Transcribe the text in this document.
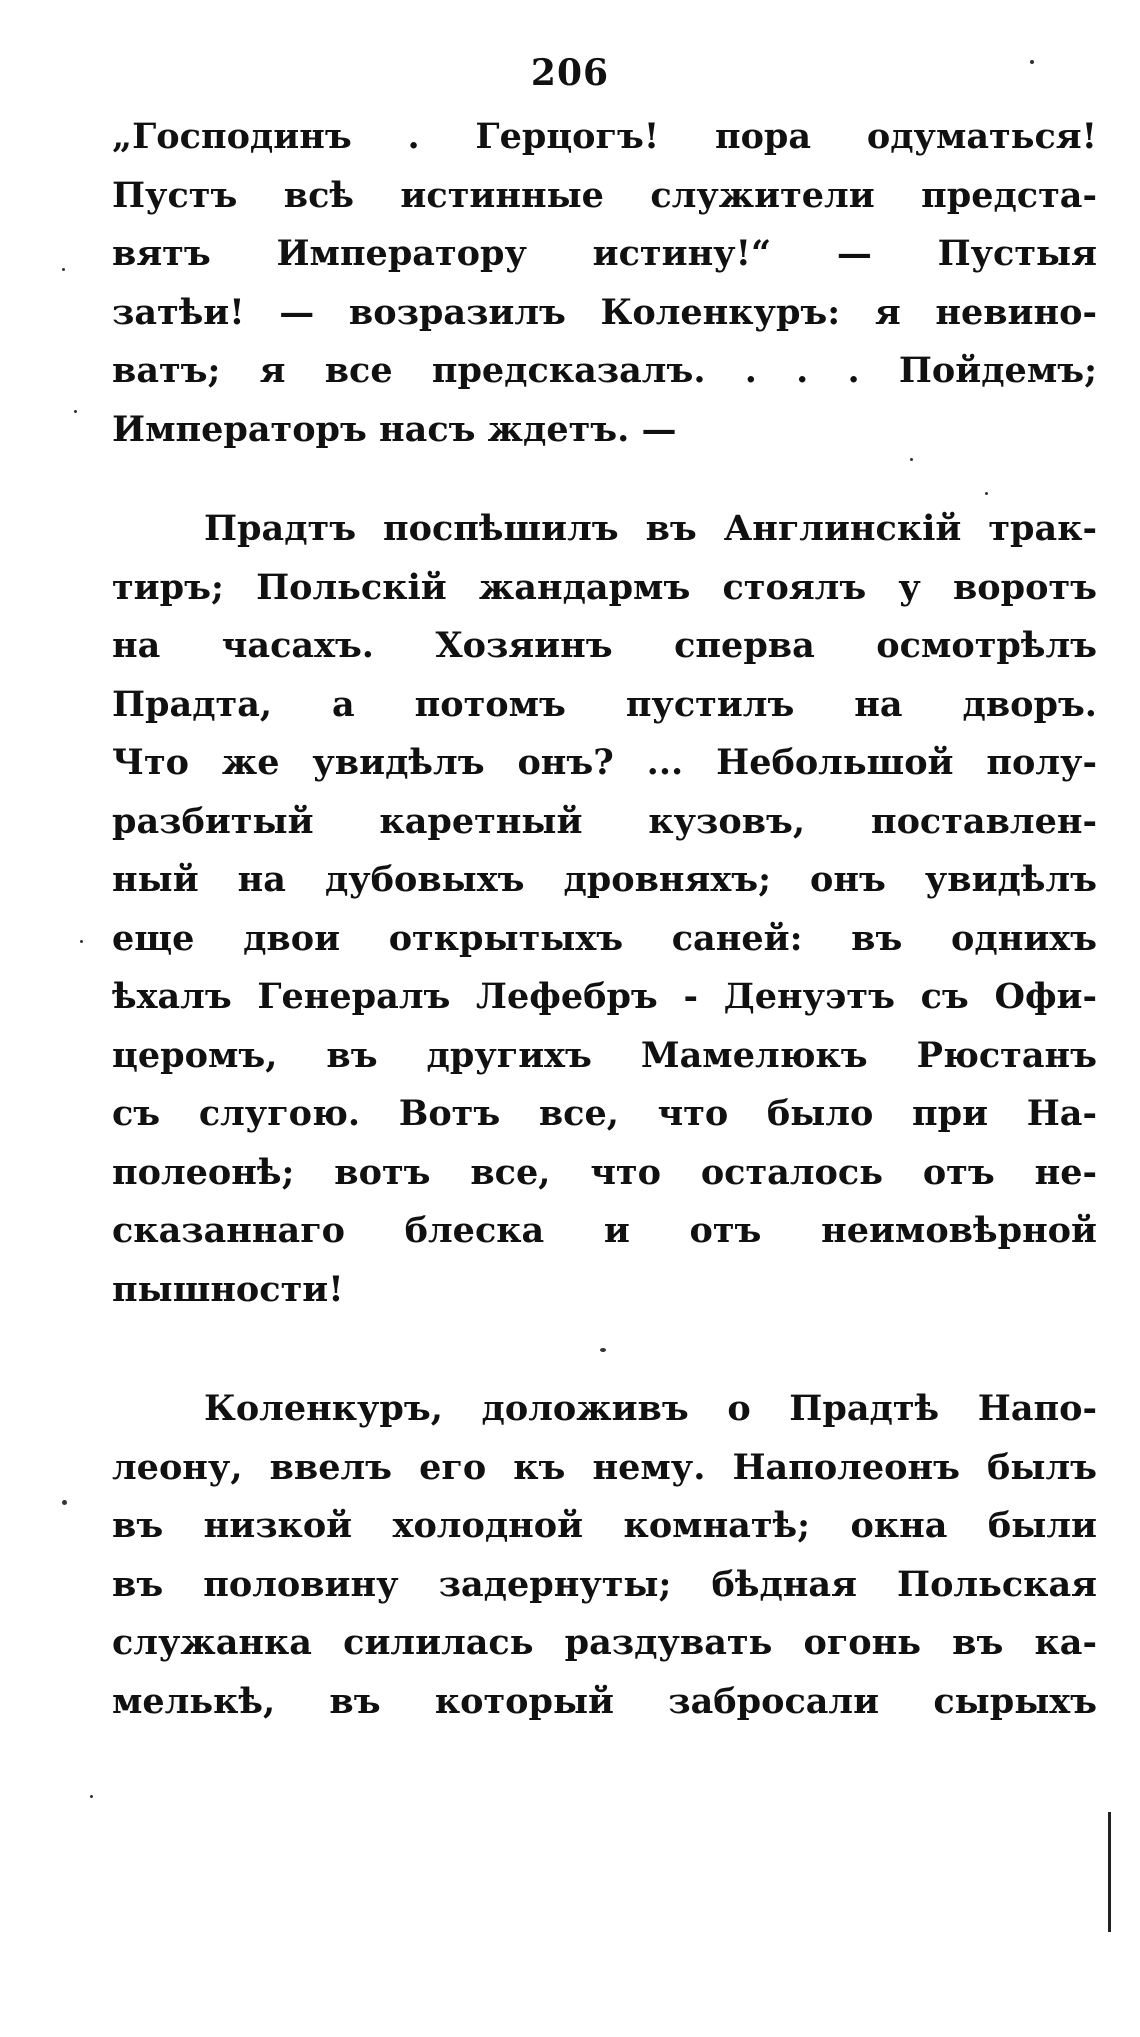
206
„Господинъ . Герцогъ! пора одуматься!
Пустъ всѣ истинные служители предста-
вятъ Императору истину!“ — Пустыя
затѣи! — возразилъ Коленкуръ: я невино-
ватъ; я все предсказалъ. . . . Пойдемъ;
Императоръ насъ ждетъ. —
Прадтъ поспѣшилъ въ Англинскій трак-
тиръ; Польскій жандармъ стоялъ у воротъ
на часахъ. Хозяинъ сперва осмотрѣлъ
Прадта, а потомъ пустилъ на дворъ.
Что же увидѣлъ онъ? ... Небольшой полу-
разбитый каретный кузовъ, поставлен-
ный на дубовыхъ дровняхъ; онъ увидѣлъ
еще двои открытыхъ саней: въ однихъ
ѣхалъ Генералъ Лефебръ - Денуэтъ съ Офи-
церомъ, въ другихъ Мамелюкъ Рюстанъ
съ слугою. Вотъ все, что было при На-
полеонѣ; вотъ все, что осталось отъ не-
сказаннаго блеска и отъ неимовѣрной
пышности!
Коленкуръ, доложивъ о Прадтѣ Напо-
леону, ввелъ его къ нему. Наполеонъ былъ
въ низкой холодной комнатѣ; окна были
въ половину задернуты; бѣдная Польская
служанка силилась раздувать огонь въ ка-
мелькѣ, въ который забросали сырыхъ
